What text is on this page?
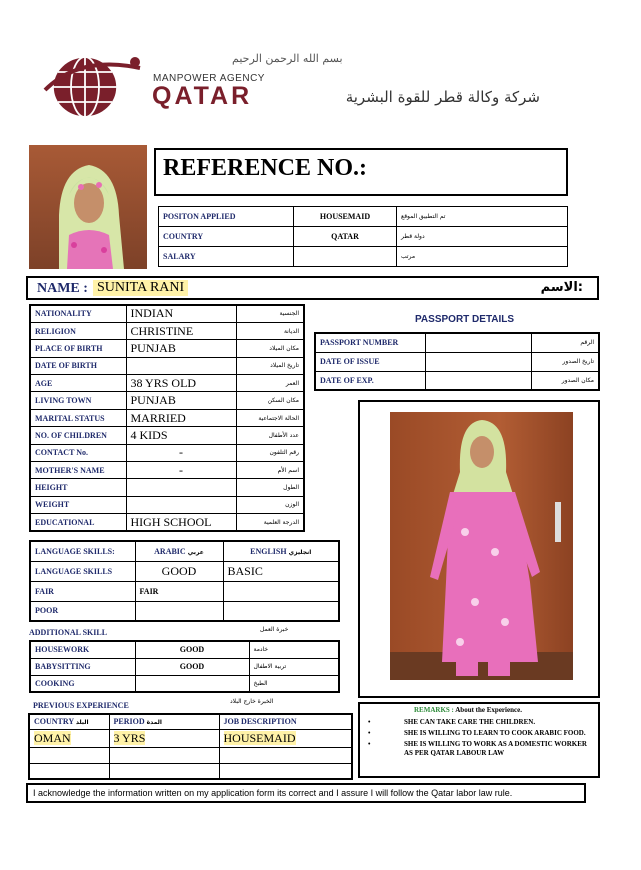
بسم الله الرحمن الرحيم
MANPOWER AGENCY
QATAR	شركة وكالة قطر للقوة البشرية
REFERENCE NO.:
POSITON APPLIED	HOUSEMAID	تم التطبيق الموقع
COUNTRY	QATAR	دولة قطر
SALARY		مرتب
NAME : SUNITA RANI	الاسم:
NATIONALITY	INDIAN	الجنسية
RELIGION	CHRISTINE	الديانة
PLACE OF BIRTH	PUNJAB	مكان الميلاد
DATE OF BIRTH		تاريخ الميلاد
AGE	38 YRS OLD	العمر
LIVING TOWN	PUNJAB	مكان السكن
MARITAL STATUS	MARRIED	الحالة الاجتماعية
NO. OF CHILDREN	4 KIDS	عدد الأطفال
CONTACT No.	-	رقم التلفون
MOTHER'S NAME	-	اسم الأم
HEIGHT		الطول
WEIGHT		الوزن
EDUCATIONAL	HIGH SCHOOL	الدرجة العلمية
PASSPORT DETAILS
PASSPORT NUMBER		الرقم
DATE OF ISSUE		تاريخ الصدور
DATE OF EXP.		مكان الصدور
LANGUAGE SKILLS:	ARABIC عربي	ENGLISH انجليزي
LANGUAGE SKILLS	GOOD	BASIC
FAIR	FAIR	
POOR		
ADDITIONAL SKILL	خبرة العمل
HOUSEWORK	GOOD	خادمة
BABYSITTING	GOOD	تربية الاطفال
COOKING		الطبخ
PREVIOUS EXPERIENCE	الخبرة خارج البلاد
COUNTRY البلد	PERIOD المدة	JOB DESCRIPTION
OMAN	3 YRS	HOUSEMAID

REMARKS : About the Experience.
•	SHE CAN TAKE CARE THE CHILDREN.
•	SHE IS WILLING TO LEARN TO COOK ARABIC FOOD.
•	SHE IS WILLING TO WORK AS A DOMESTIC WORKER AS PER QATAR LABOUR LAW
I acknowledge the information written on my application form its correct and I assure I will follow the Qatar labor law rule.
